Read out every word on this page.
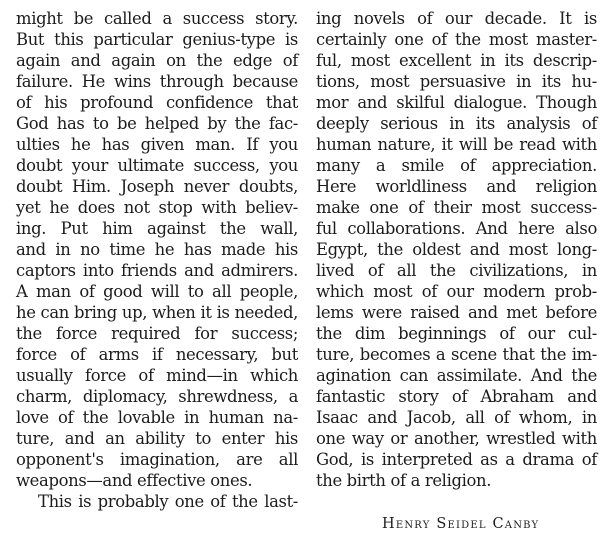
might be called a success story.
But this particular genius-type is
again and again on the edge of
failure. He wins through because
of his profound confidence that
God has to be helped by the fac-
ulties he has given man. If you
doubt your ultimate success, you
doubt Him. Joseph never doubts,
yet he does not stop with believ-
ing. Put him against the wall,
and in no time he has made his
captors into friends and admirers.
A man of good will to all people,
he can bring up, when it is needed,
the force required for success;
force of arms if necessary, but
usually force of mind—in which
charm, diplomacy, shrewdness, a
love of the lovable in human na-
ture, and an ability to enter his
opponent's imagination, are all
weapons—and effective ones.
This is probably one of the last-
ing novels of our decade. It is
certainly one of the most master-
ful, most excellent in its descrip-
tions, most persuasive in its hu-
mor and skilful dialogue. Though
deeply serious in its analysis of
human nature, it will be read with
many a smile of appreciation.
Here worldliness and religion
make one of their most success-
ful collaborations. And here also
Egypt, the oldest and most long-
lived of all the civilizations, in
which most of our modern prob-
lems were raised and met before
the dim beginnings of our cul-
ture, becomes a scene that the im-
agination can assimilate. And the
fantastic story of Abraham and
Isaac and Jacob, all of whom, in
one way or another, wrestled with
God, is interpreted as a drama of
the birth of a religion.
Henry Seidel Canby
